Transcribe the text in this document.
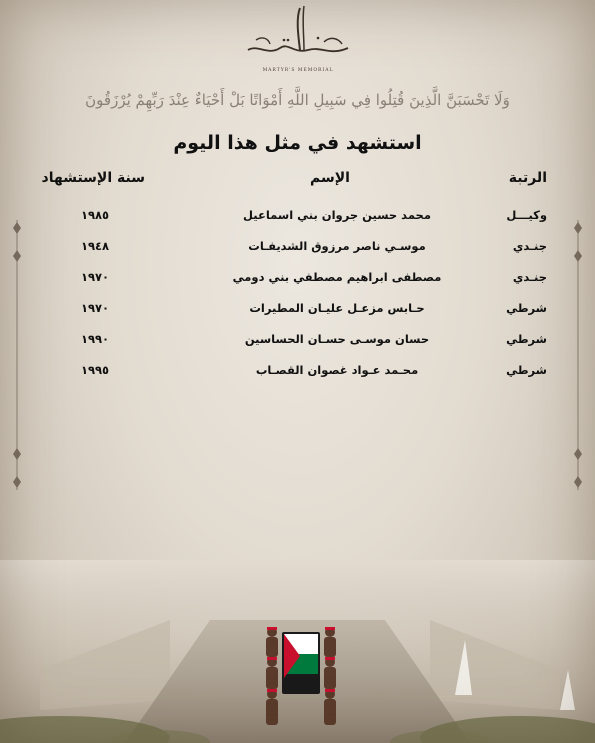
MARTYR'S MEMORIAL
وَلَا تَحْسَبَنَّ الَّذِينَ قُتِلُوا فِي سَبِيلِ اللَّهِ أَمْوَاتًا بَلْ أَحْيَاءٌ عِنْدَ رَبِّهِمْ يُرْزَقُونَ
استشهد في مثل هذا اليوم
الرتبة
الإسم
سنة الإستشهاد
وكيـــل
محمد حسين جروان بني اسماعيل
١٩٨٥
جنـدي
موسـي ناصر مرزوق الشديفـات
١٩٤٨
جنـدي
مصطفى ابراهيم مصطفي بني دومي
١٩٧٠
شرطي
حـابس مزعـل عليـان المطيرات
١٩٧٠
شرطي
حسان موسـى حسـان الحساسين
١٩٩٠
شرطي
محـمد عـواد غصوان القصـاب
١٩٩٥
